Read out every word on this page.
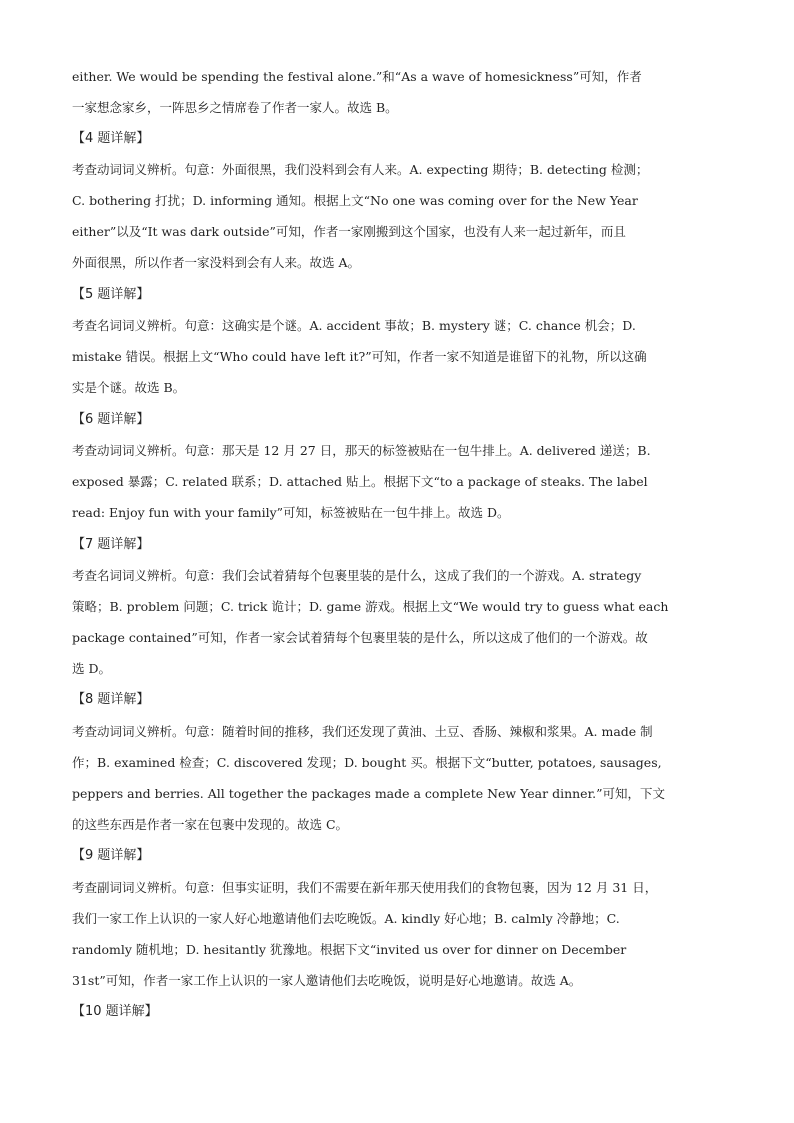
either. We would be spending the festival alone.”和“As a wave of homesickness”可知，作者
一家想念家乡，一阵思乡之情席卷了作者一家人。故选 B。
【4 题详解】
考查动词词义辨析。句意：外面很黑，我们没料到会有人来。A. expecting 期待；B. detecting 检测；
C. bothering 打扰；D. informing 通知。根据上文“No one was coming over for the New Year
either”以及“It was dark outside”可知，作者一家刚搬到这个国家，也没有人来一起过新年，而且
外面很黑，所以作者一家没料到会有人来。故选 A。
【5 题详解】
考查名词词义辨析。句意：这确实是个谜。A. accident 事故；B. mystery 谜；C. chance 机会；D.
mistake 错误。根据上文“Who could have left it?”可知，作者一家不知道是谁留下的礼物，所以这确
实是个谜。故选 B。
【6 题详解】
考查动词词义辨析。句意：那天是 12 月 27 日，那天的标签被贴在一包牛排上。A. delivered 递送；B.
exposed 暴露；C. related 联系；D. attached 贴上。根据下文“to a package of steaks. The label
read: Enjoy fun with your family”可知，标签被贴在一包牛排上。故选 D。
【7 题详解】
考查名词词义辨析。句意：我们会试着猜每个包裹里装的是什么，这成了我们的一个游戏。A. strategy
策略；B. problem 问题；C. trick 诡计；D. game 游戏。根据上文“We would try to guess what each
package contained”可知，作者一家会试着猜每个包裹里装的是什么，所以这成了他们的一个游戏。故
选 D。
【8 题详解】
考查动词词义辨析。句意：随着时间的推移，我们还发现了黄油、土豆、香肠、辣椒和浆果。A. made 制
作；B. examined 检查；C. discovered 发现；D. bought 买。根据下文“butter, potatoes, sausages,
peppers and berries. All together the packages made a complete New Year dinner.”可知，下文
的这些东西是作者一家在包裹中发现的。故选 C。
【9 题详解】
考查副词词义辨析。句意：但事实证明，我们不需要在新年那天使用我们的食物包裹，因为 12 月 31 日，
我们一家工作上认识的一家人好心地邀请他们去吃晚饭。A. kindly 好心地；B. calmly 冷静地；C.
randomly 随机地；D. hesitantly 犹豫地。根据下文“invited us over for dinner on December
31st”可知，作者一家工作上认识的一家人邀请他们去吃晚饭，说明是好心地邀请。故选 A。
【10 题详解】
